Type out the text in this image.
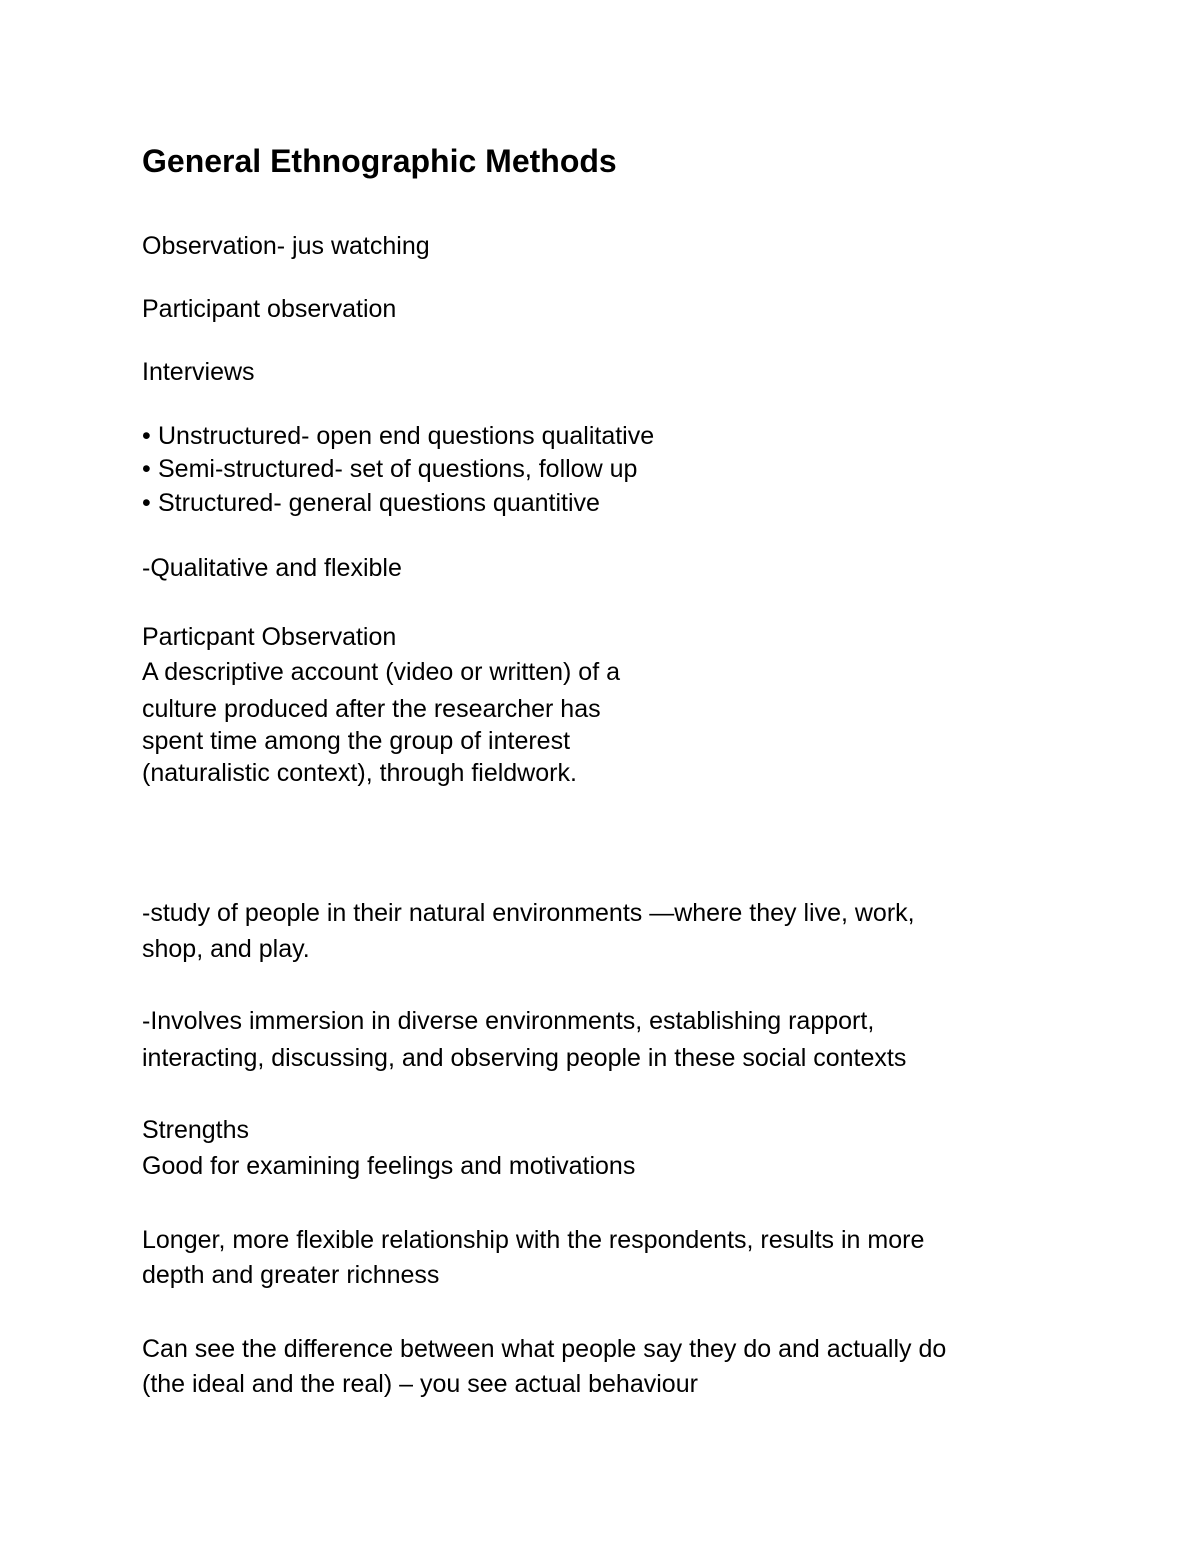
General Ethnographic Methods

Observation- jus watching

Participant observation

Interviews

• Unstructured- open end questions qualitative

• Semi-structured- set of questions, follow up

• Structured- general questions quantitive

-Qualitative and flexible

Particpant Observation

A descriptive account (video or written) of a

culture produced after the researcher has

spent time among the group of interest

(naturalistic context), through fieldwork.

-study of people in their natural environments —where they live, work,

shop, and play.

-Involves immersion in diverse environments, establishing rapport,

interacting, discussing, and observing people in these social contexts

Strengths

Good for examining feelings and motivations

Longer, more flexible relationship with the respondents, results in more

depth and greater richness

Can see the difference between what people say they do and actually do

(the ideal and the real) – you see actual behaviour
